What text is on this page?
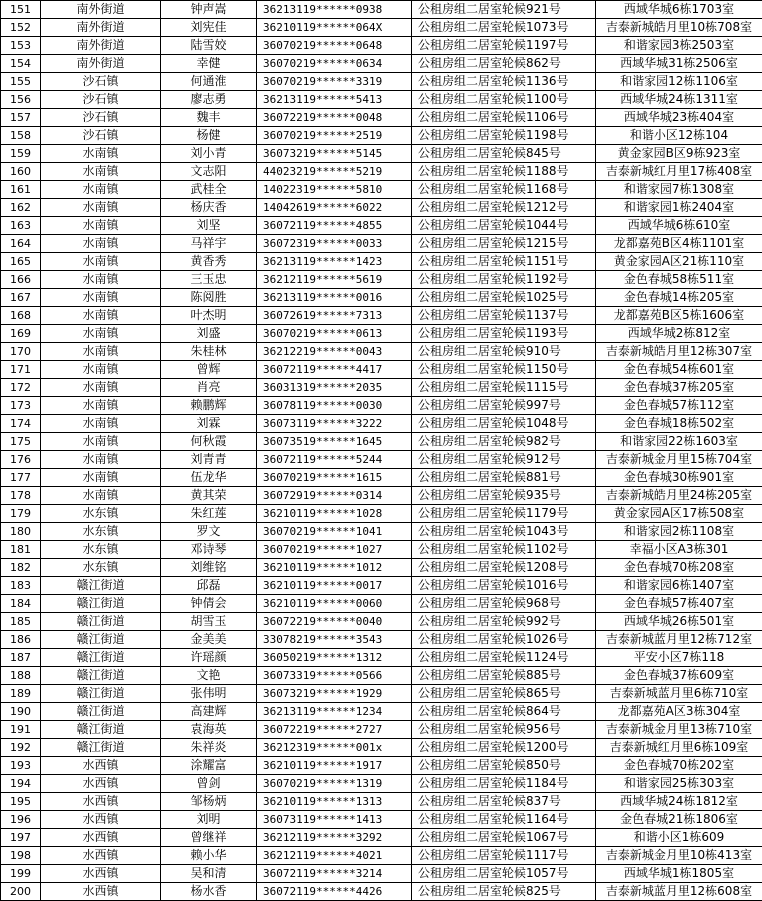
151	南外街道	钟声嵩	36213119******0938	公租房组二居室轮候921号	西域华城6栋1703室
152	南外街道	刘宪佳	36210119******064X	公租房组二居室轮候1073号	吉泰新城皓月里10栋708室
153	南外街道	陆雪姣	36070219******0648	公租房组二居室轮候1197号	和谐家园3栋2503室
154	南外街道	幸健	36070219******0634	公租房组二居室轮候862号	西域华城31栋2506室
155	沙石镇	何通淮	36070219******3319	公租房组二居室轮候1136号	和谐家园12栋1106室
156	沙石镇	廖志勇	36213119******5413	公租房组二居室轮候1100号	西域华城24栋1311室
157	沙石镇	魏丰	36072219******0048	公租房组二居室轮候1106号	西域华城23栋404室
158	沙石镇	杨健	36070219******2519	公租房组二居室轮候1198号	和谐小区12栋104
159	水南镇	刘小青	36073219******5145	公租房组二居室轮候845号	黄金家园B区9栋923室
160	水南镇	文志阳	44023219******5219	公租房组二居室轮候1188号	吉泰新城红月里17栋408室
161	水南镇	武桂全	14022319******5810	公租房组二居室轮候1168号	和谐家园7栋1308室
162	水南镇	杨庆香	14042619******6022	公租房组二居室轮候1212号	和谐家园1栋2404室
163	水南镇	刘坚	36072119******4855	公租房组二居室轮候1044号	西域华城6栋610室
164	水南镇	马祥宇	36072319******0033	公租房组二居室轮候1215号	龙都嘉苑B区4栋1101室
165	水南镇	黄香秀	36213119******1423	公租房组二居室轮候1151号	黄金家园A区21栋110室
166	水南镇	三玉忠	36212119******5619	公租房组二居室轮候1192号	金色春城58栋511室
167	水南镇	陈阅胜	36213119******0016	公租房组二居室轮候1025号	金色春城14栋205室
168	水南镇	叶杰明	36072619******7313	公租房组二居室轮候1137号	龙都嘉苑B区5栋1606室
169	水南镇	刘盛	36070219******0613	公租房组二居室轮候1193号	西域华城2栋812室
170	水南镇	朱桂林	36212219******0043	公租房组二居室轮候910号	吉泰新城皓月里12栋307室
171	水南镇	曾辉	36072119******4417	公租房组二居室轮候1150号	金色春城54栋601室
172	水南镇	肖亮	36031319******2035	公租房组二居室轮候1115号	金色春城37栋205室
173	水南镇	赖鹏辉	36078119******0030	公租房组二居室轮候997号	金色春城57栋112室
174	水南镇	刘霖	36073119******3222	公租房组二居室轮候1048号	金色春城18栋502室
175	水南镇	何秋霞	36073519******1645	公租房组二居室轮候982号	和谐家园22栋1603室
176	水南镇	刘青青	36072119******5244	公租房组二居室轮候912号	吉泰新城金月里15栋704室
177	水南镇	伍龙华	36070219******1615	公租房组二居室轮候881号	金色春城30栋901室
178	水南镇	黄其荣	36072919******0314	公租房组二居室轮候935号	吉泰新城皓月里24栋205室
179	水东镇	朱红莲	36210119******1028	公租房组二居室轮候1179号	黄金家园A区17栋508室
180	水东镇	罗文	36070219******1041	公租房组二居室轮候1043号	和谐家园2栋1108室
181	水东镇	邓诗琴	36070219******1027	公租房组二居室轮候1102号	幸福小区A3栋301
182	水东镇	刘维铭	36210119******1012	公租房组二居室轮候1208号	金色春城70栋208室
183	赣江街道	邱磊	36210119******0017	公租房组二居室轮候1016号	和谐家园6栋1407室
184	赣江街道	钟倩会	36210119******0060	公租房组二居室轮候968号	金色春城57栋407室
185	赣江街道	胡雪玉	36072219******0040	公租房组二居室轮候992号	西域华城26栋501室
186	赣江街道	金美美	33078219******3543	公租房组二居室轮候1026号	吉泰新城蓝月里12栋712室
187	赣江街道	许瑶颜	36050219******1312	公租房组二居室轮候1124号	平安小区7栋118
188	赣江街道	文艳	36073319******0566	公租房组二居室轮候885号	金色春城37栋609室
189	赣江街道	张伟明	36073219******1929	公租房组二居室轮候865号	吉泰新城蓝月里6栋710室
190	赣江街道	高建辉	36213119******1234	公租房组二居室轮候864号	龙都嘉苑A区3栋304室
191	赣江街道	袁海英	36072219******2727	公租房组二居室轮候956号	吉泰新城金月里13栋710室
192	赣江街道	朱祥炎	36212319******001x	公租房组二居室轮候1200号	吉泰新城红月里6栋109室
193	水西镇	涂耀富	36210119******1917	公租房组二居室轮候850号	金色春城70栋202室
194	水西镇	曾剑	36070219******1319	公租房组二居室轮候1184号	和谐家园25栋303室
195	水西镇	邹杨炳	36210119******1313	公租房组二居室轮候837号	西域华城24栋1812室
196	水西镇	刘明	36073119******1413	公租房组二居室轮候1164号	金色春城21栋1806室
197	水西镇	曾继祥	36212119******3292	公租房组二居室轮候1067号	和谐小区1栋609
198	水西镇	赖小华	36212119******4021	公租房组二居室轮候1117号	吉泰新城金月里10栋413室
199	水西镇	吴和清	36072119******3214	公租房组二居室轮候1057号	西域华城1栋1805室
200	水西镇	杨水香	36072119******4426	公租房组二居室轮候825号	吉泰新城蓝月里12栋608室
